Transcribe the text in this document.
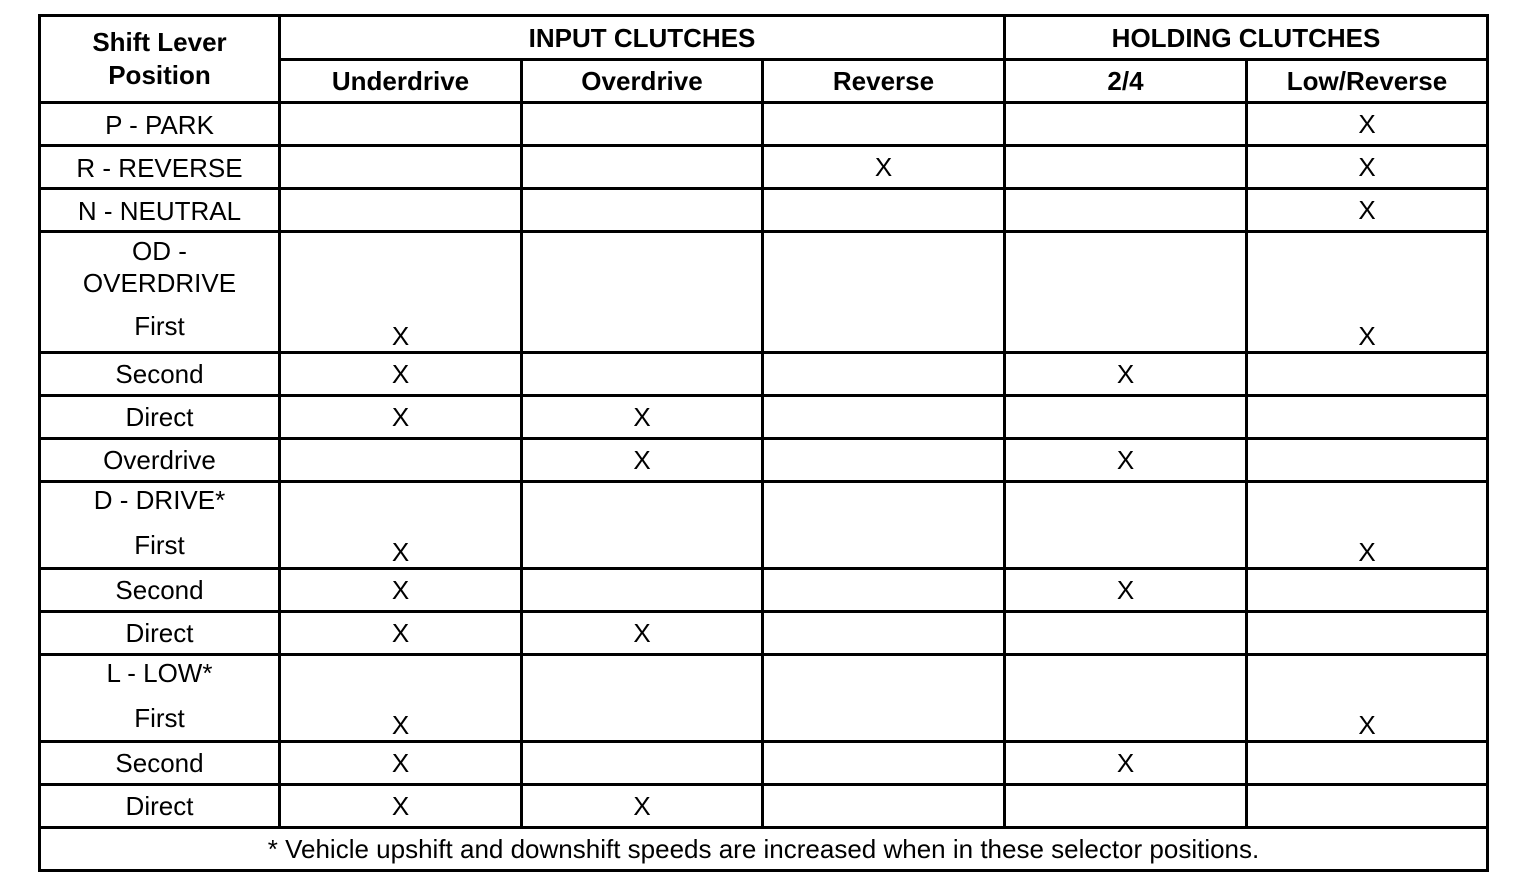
Shift Lever
Position	INPUT CLUTCHES			HOLDING CLUTCHES	
	Underdrive	Overdrive	Reverse	2/4	Low/Reverse

P - PARK					X

R - REVERSE			X		X

N - NEUTRAL					X

OD -
OVERDRIVE
First	X				X

Second	X			X	

Direct	X	X			

Overdrive		X		X	

D - DRIVE*
First	X				X

Second	X			X	

Direct	X	X			

L - LOW*
First	X				X

Second	X			X	

Direct	X	X			
* Vehicle upshift and downshift speeds are increased when in these selector positions.					
